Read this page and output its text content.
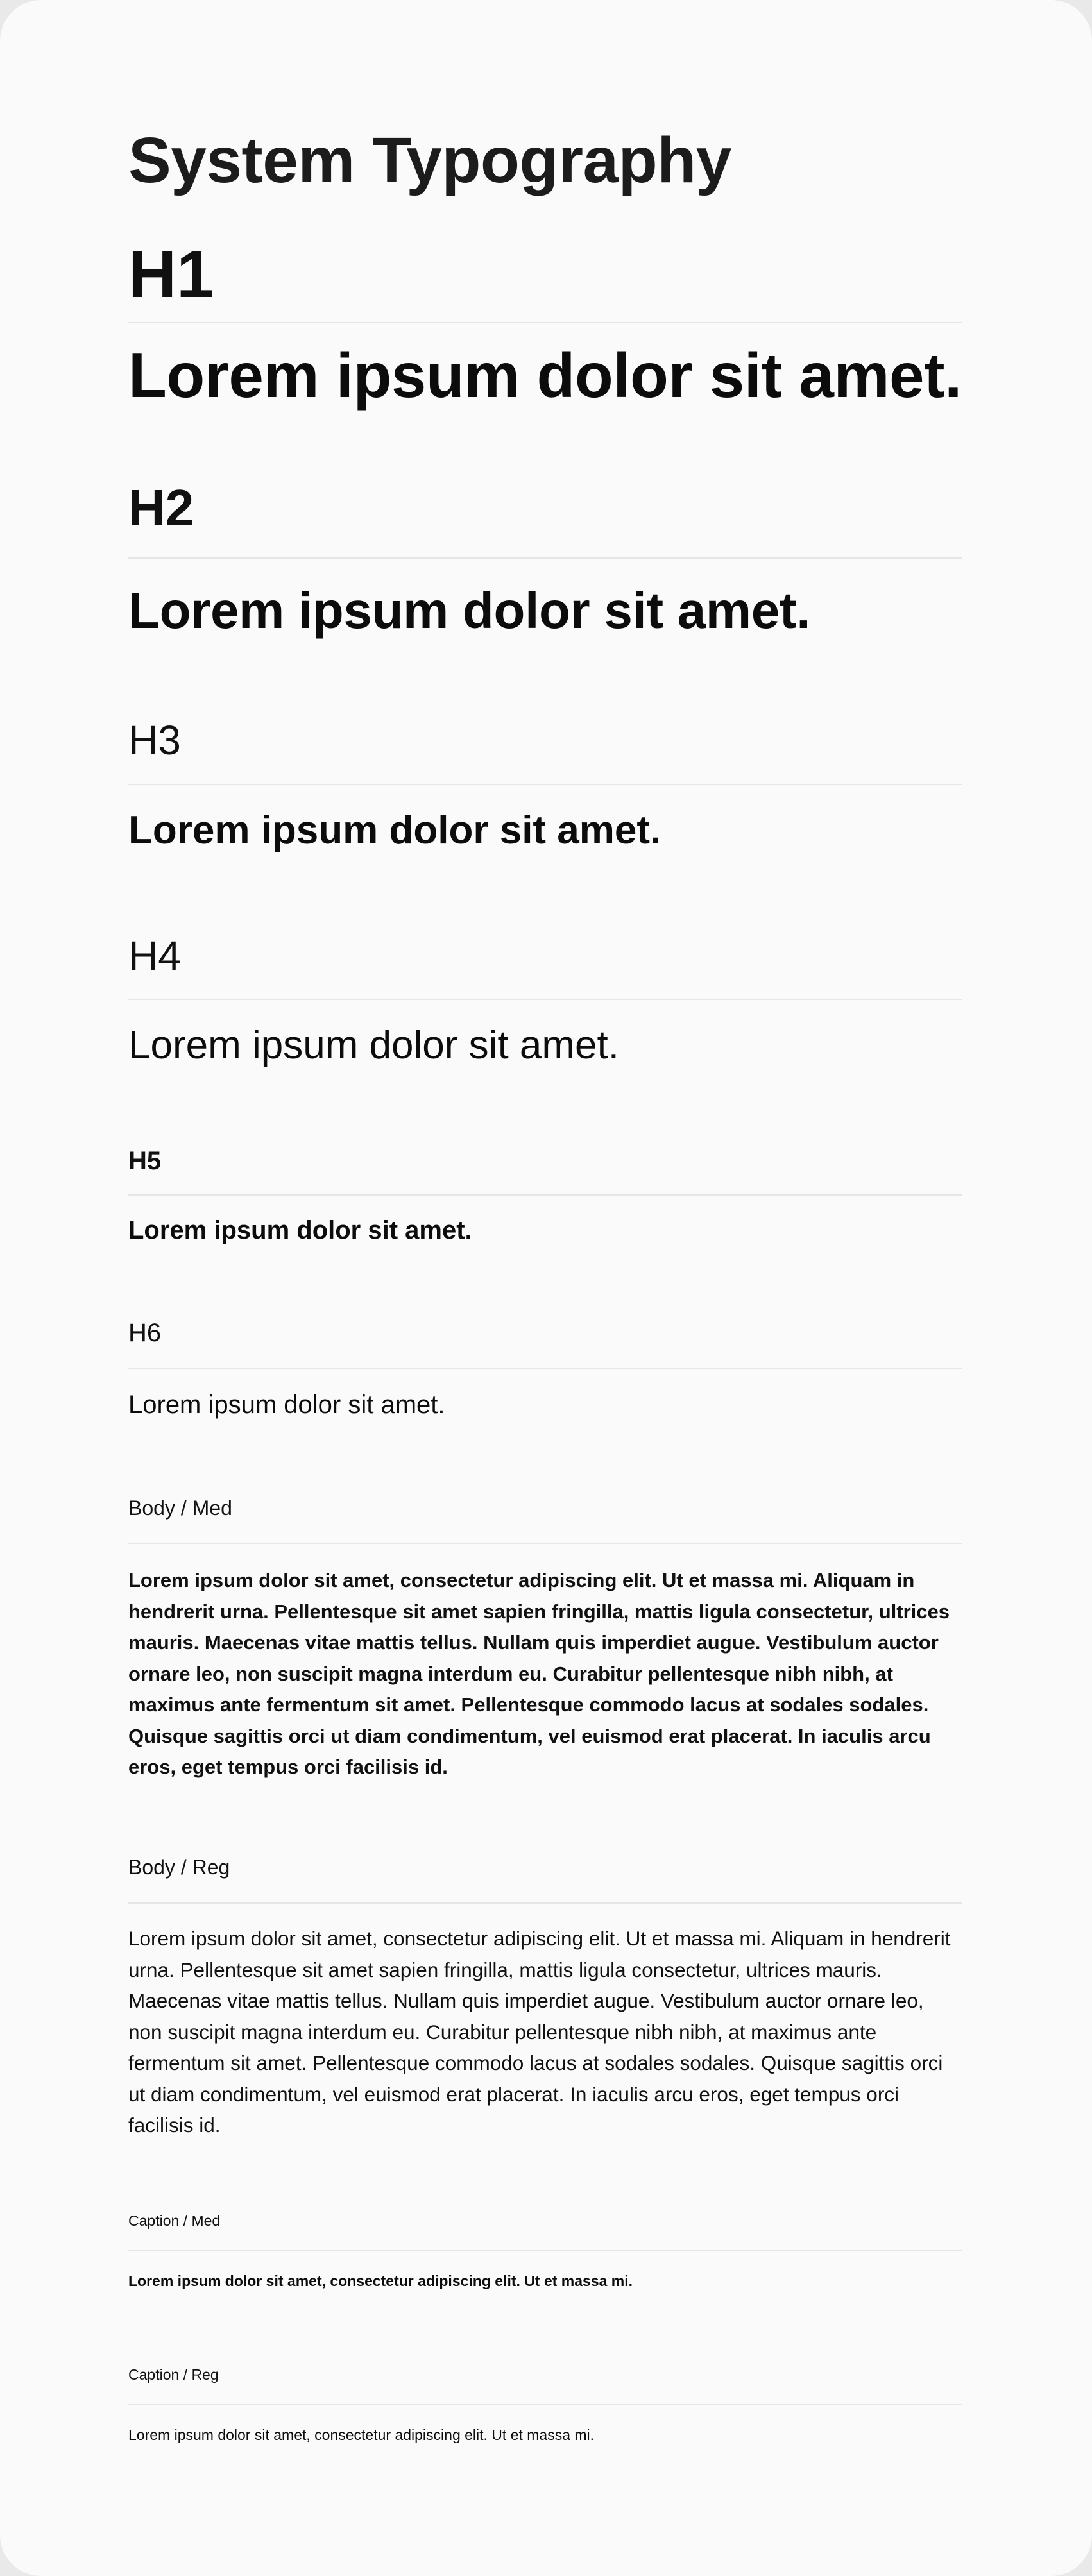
System Typography
H1
Lorem ipsum dolor sit amet.
H2
Lorem ipsum dolor sit amet.
H3
Lorem ipsum dolor sit amet.
H4
Lorem ipsum dolor sit amet.
H5
Lorem ipsum dolor sit amet.
H6
Lorem ipsum dolor sit amet.
Body / Med

Lorem ipsum dolor sit amet, consectetur adipiscing elit. Ut et massa mi. Aliquam in hendrerit urna. Pellentesque sit amet sapien fringilla, mattis ligula consectetur, ultrices mauris. Maecenas vitae mattis tellus. Nullam quis imperdiet augue. Vestibulum auctor ornare leo, non suscipit magna interdum eu. Curabitur pellentesque nibh nibh, at maximus ante fermentum sit amet. Pellentesque commodo lacus at sodales sodales. Quisque sagittis orci ut diam condimentum, vel euismod erat placerat. In iaculis arcu eros, eget tempus orci facilisis id.

Body / Reg

Lorem ipsum dolor sit amet, consectetur adipiscing elit. Ut et massa mi. Aliquam in hendrerit urna. Pellentesque sit amet sapien fringilla, mattis ligula consectetur, ultrices mauris. Maecenas vitae mattis tellus. Nullam quis imperdiet augue. Vestibulum auctor ornare leo, non suscipit magna interdum eu. Curabitur pellentesque nibh nibh, at maximus ante fermentum sit amet. Pellentesque commodo lacus at sodales sodales. Quisque sagittis orci ut diam condimentum, vel euismod erat placerat. In iaculis arcu eros, eget tempus orci facilisis id.

Caption / Med
Lorem ipsum dolor sit amet, consectetur adipiscing elit. Ut et massa mi.
Caption / Reg
Lorem ipsum dolor sit amet, consectetur adipiscing elit. Ut et massa mi.
